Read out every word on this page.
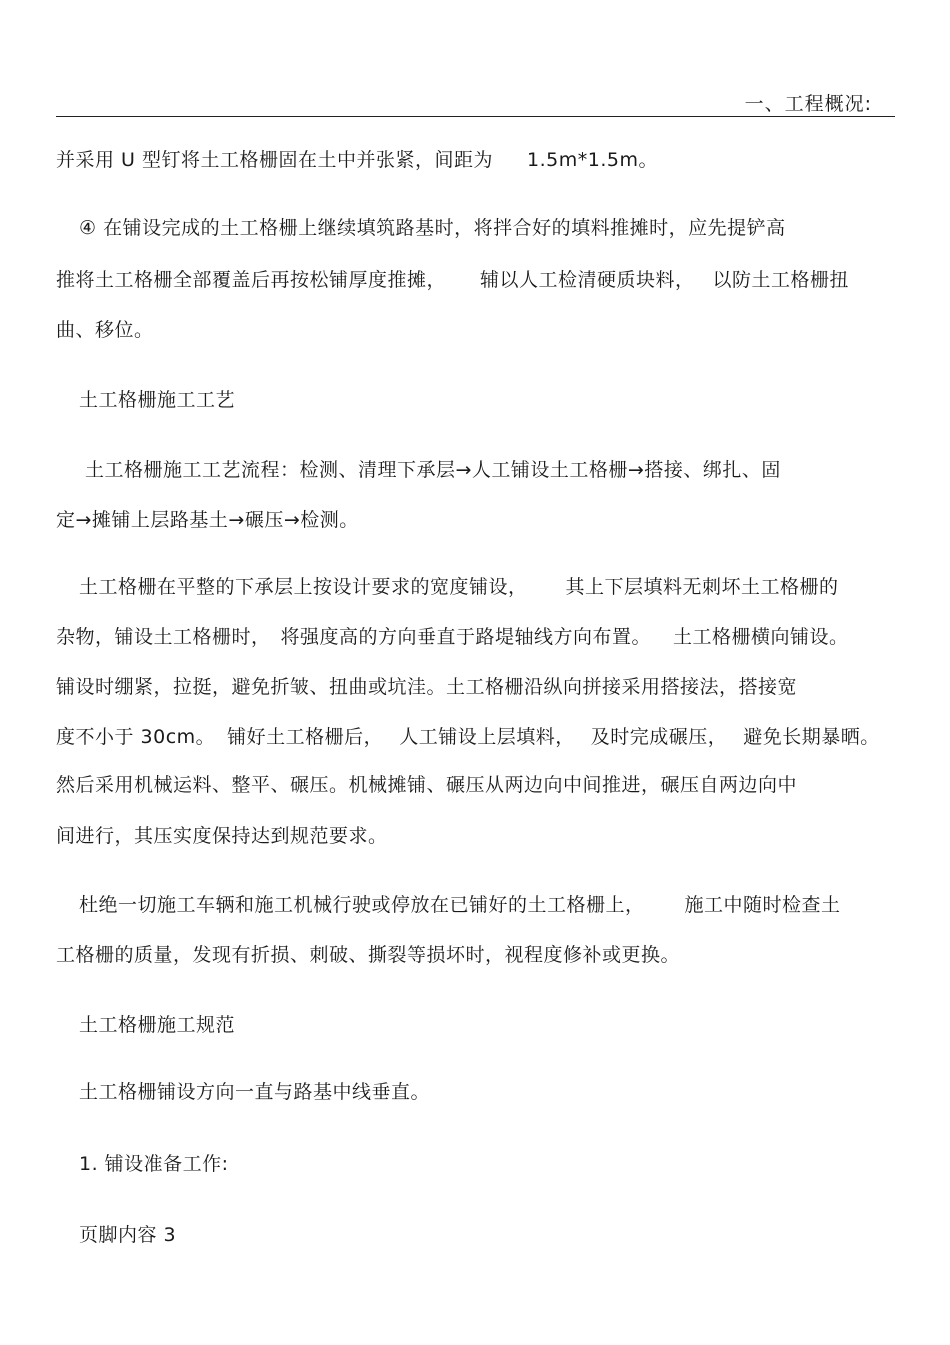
一、工程概况:
并采用 U 型钉将土工格栅固在土中并张紧，间距为 1.5m*1.5m。
④ 在铺设完成的土工格栅上继续填筑路基时，将拌合好的填料推摊时，应先提铲高
推将土工格栅全部覆盖后再按松铺厚度推摊， 辅以人工检清硬质块料， 以防土工格栅扭
曲、移位。
土工格栅施工工艺
土工格栅施工工艺流程：检测、清理下承层→人工铺设土工格栅→搭接、绑扎、固
定→摊铺上层路基土→碾压→检测。
土工格栅在平整的下承层上按设计要求的宽度铺设， 其上下层填料无刺坏土工格栅的
杂物，铺设土工格栅时， 将强度高的方向垂直于路堤轴线方向布置。 土工格栅横向铺设。
铺设时绷紧，拉挺，避免折皱、扭曲或坑洼。土工格栅沿纵向拼接采用搭接法，搭接宽
度不小于 30cm。 铺好土工格栅后， 人工铺设上层填料， 及时完成碾压， 避免长期暴晒。
然后采用机械运料、整平、碾压。机械摊铺、碾压从两边向中间推进，碾压自两边向中
间进行，其压实度保持达到规范要求。
杜绝一切施工车辆和施工机械行驶或停放在已铺好的土工格栅上， 施工中随时检查土
工格栅的质量，发现有折损、刺破、撕裂等损坏时，视程度修补或更换。
土工格栅施工规范
土工格栅铺设方向一直与路基中线垂直。
1. 铺设准备工作:
页脚内容 3
